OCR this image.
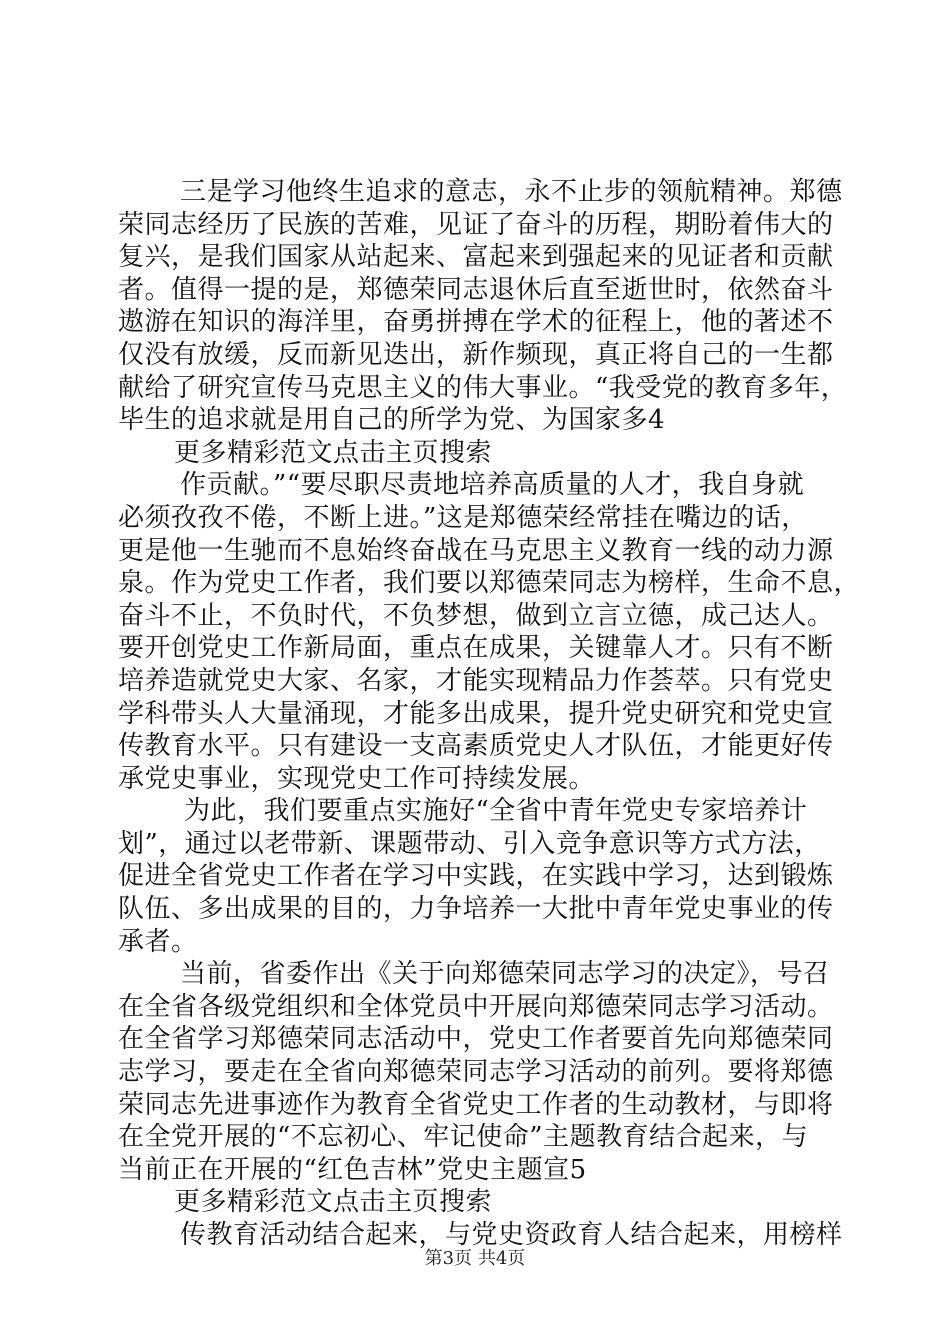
三是学习他终生追求的意志，永不止步的领航精神。郑德
荣同志经历了民族的苦难，见证了奋斗的历程，期盼着伟大的
复兴，是我们国家从站起来、富起来到强起来的见证者和贡献
者。值得一提的是，郑德荣同志退休后直至逝世时，依然奋斗
遨游在知识的海洋里，奋勇拼搏在学术的征程上，他的著述不
仅没有放缓，反而新见迭出，新作频现，真正将自己的一生都
献给了研究宣传马克思主义的伟大事业。“我受党的教育多年，
毕生的追求就是用自己的所学为党、为国家多4
更多精彩范文点击主页搜索
作贡献。”“要尽职尽责地培养高质量的人才，我自身就
必须孜孜不倦，不断上进。”这是郑德荣经常挂在嘴边的话，
更是他一生驰而不息始终奋战在马克思主义教育一线的动力源
泉。作为党史工作者，我们要以郑德荣同志为榜样，生命不息，
奋斗不止，不负时代，不负梦想，做到立言立德，成己达人。
要开创党史工作新局面，重点在成果，关键靠人才。只有不断
培养造就党史大家、名家，才能实现精品力作荟萃。只有党史
学科带头人大量涌现，才能多出成果，提升党史研究和党史宣
传教育水平。只有建设一支高素质党史人才队伍，才能更好传
承党史事业，实现党史工作可持续发展。
为此，我们要重点实施好“全省中青年党史专家培养计
划”，通过以老带新、课题带动、引入竞争意识等方式方法，
促进全省党史工作者在学习中实践，在实践中学习，达到锻炼
队伍、多出成果的目的，力争培养一大批中青年党史事业的传
承者。
当前，省委作出《关于向郑德荣同志学习的决定》，号召
在全省各级党组织和全体党员中开展向郑德荣同志学习活动。
在全省学习郑德荣同志活动中，党史工作者要首先向郑德荣同
志学习，要走在全省向郑德荣同志学习活动的前列。要将郑德
荣同志先进事迹作为教育全省党史工作者的生动教材，与即将
在全党开展的“不忘初心、牢记使命”主题教育结合起来，与
当前正在开展的“红色吉林”党史主题宣5
更多精彩范文点击主页搜索
传教育活动结合起来，与党史资政育人结合起来，用榜样
第3页 共4页
